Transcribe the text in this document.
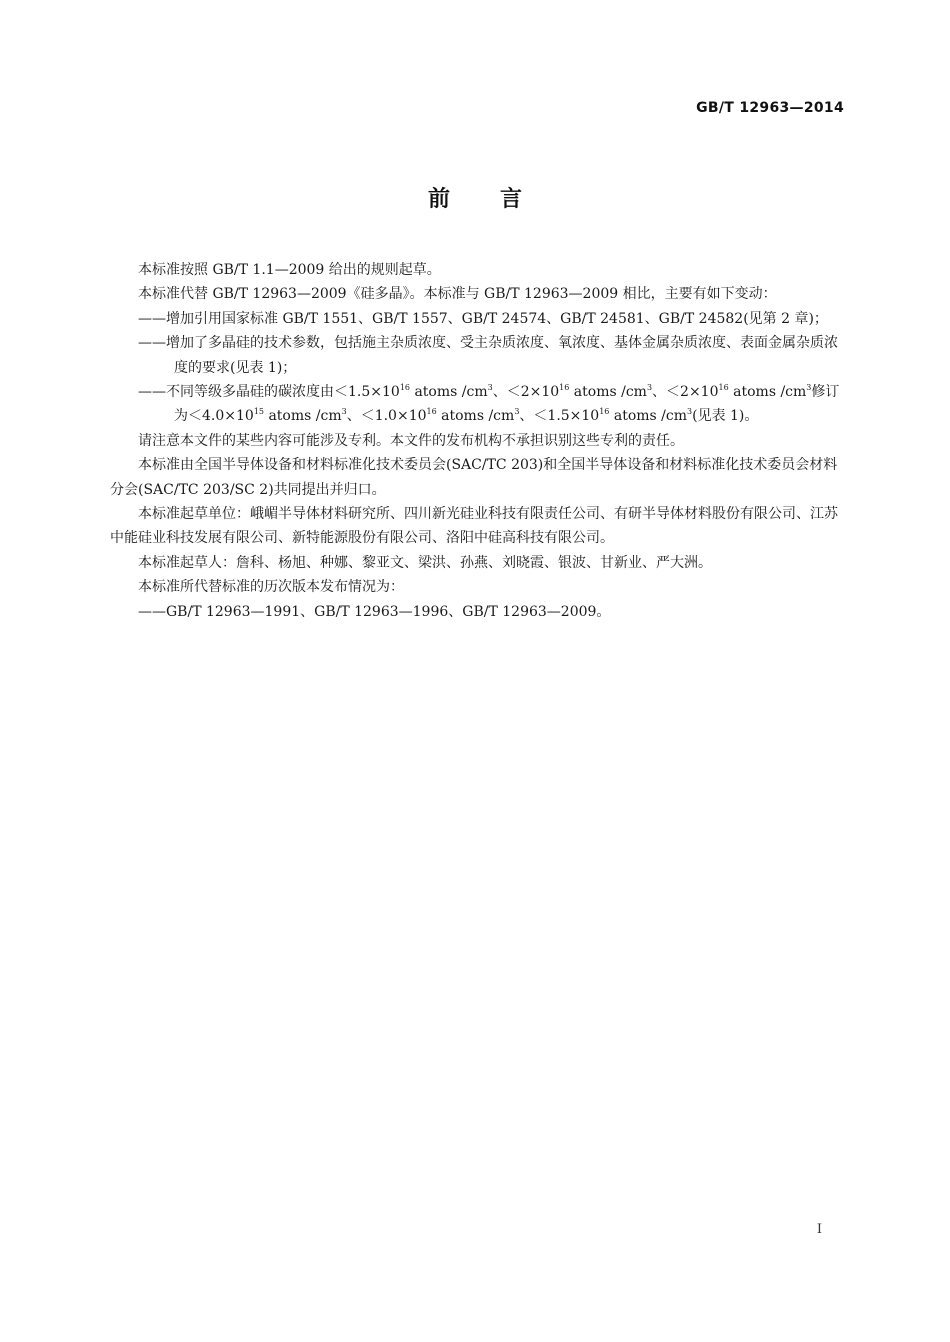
GB/T 12963—2014
前言

本标准按照 GB/T 1.1—2009 给出的规则起草。

本标准代替 GB/T 12963—2009《硅多晶》。本标准与 GB/T 12963—2009 相比，主要有如下变动：

——增加引用国家标准 GB/T 1551、GB/T 1557、GB/T 24574、GB/T 24581、GB/T 24582(见第 2 章)；

——增加了多晶硅的技术参数，包括施主杂质浓度、受主杂质浓度、氧浓度、基体金属杂质浓度、表面金属杂质浓度的要求(见表 1)；

——不同等级多晶硅的碳浓度由$<1.5\times 10^{16}$ atoms $/cm^3$、$<2\times 10^{16}$ atoms $/cm^3$、$<2\times 10^{16}$ atoms $/cm^3$修订为$<4.0\times 10^{15}$ atoms $/cm^3$、$<1.0\times 10^{16}$ atoms $/cm^3$、$<1.5\times 10^{16}$ atoms $/cm^3$(见表 1)。

请注意本文件的某些内容可能涉及专利。本文件的发布机构不承担识别这些专利的责任。

本标准由全国半导体设备和材料标准化技术委员会(SAC/TC 203)和全国半导体设备和材料标准化技术委员会材料分会(SAC/TC 203/SC 2)共同提出并归口。

本标准起草单位：峨嵋半导体材料研究所、四川新光硅业科技有限责任公司、有研半导体材料股份有限公司、江苏中能硅业科技发展有限公司、新特能源股份有限公司、洛阳中硅高科技有限公司。

本标准起草人：詹科、杨旭、种娜、黎亚文、梁洪、孙燕、刘晓霞、银波、甘新业、严大洲。

本标准所代替标准的历次版本发布情况为：

——GB/T 12963—1991、GB/T 12963—1996、GB/T 12963—2009。

I
